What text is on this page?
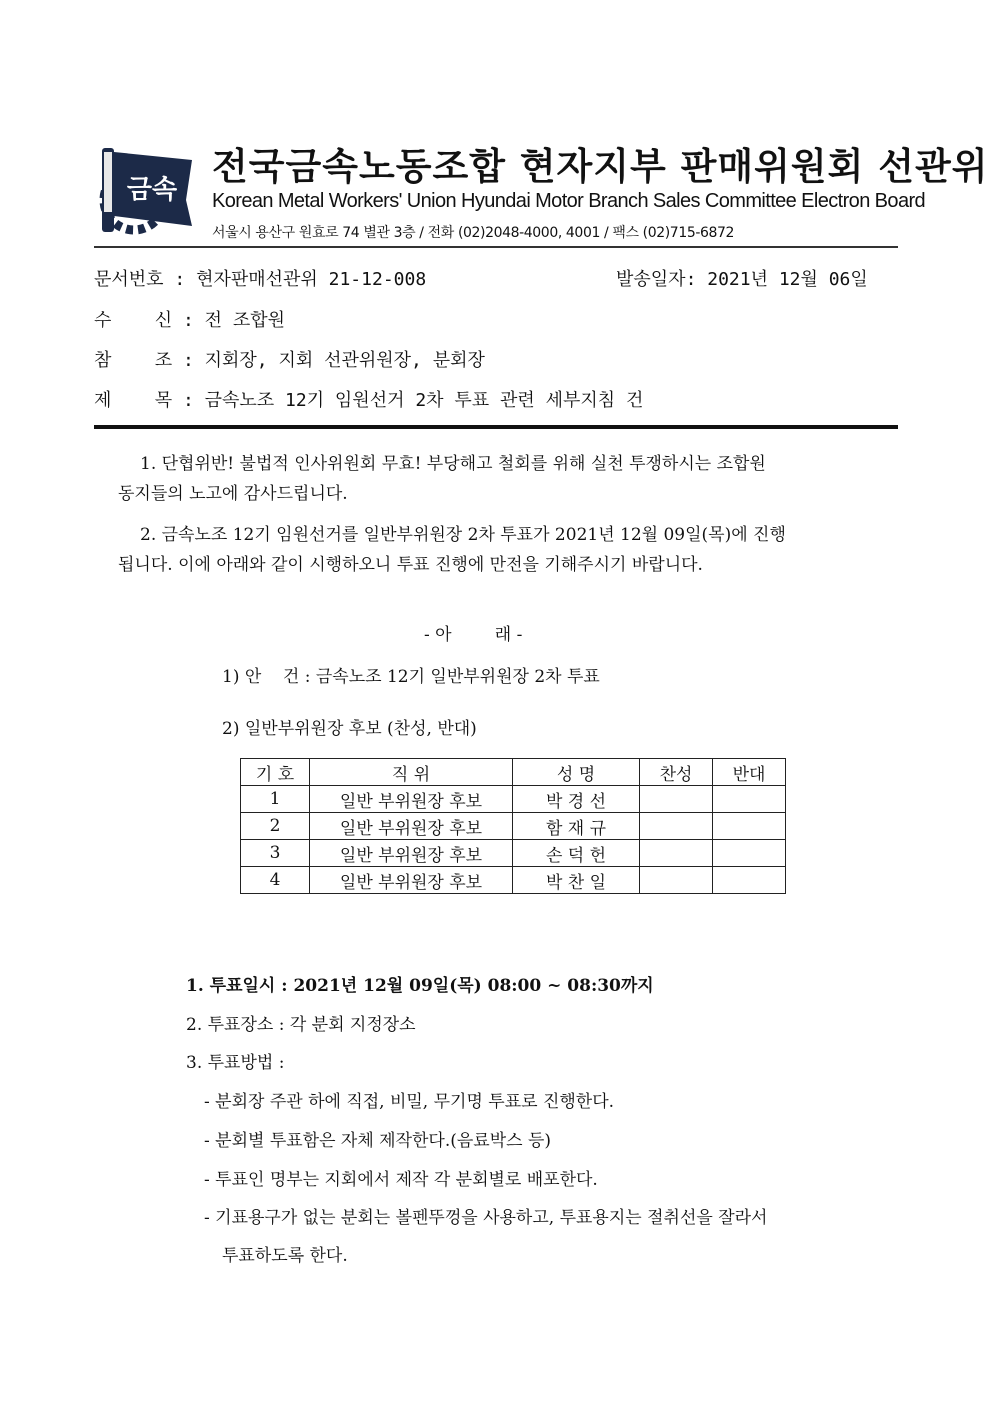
금속
전국금속노동조합 현자지부 판매위원회 선관위
Korean Metal Workers' Union Hyundai Motor Branch Sales Committee Electron Board
서울시 용산구 원효로 74 별관 3층 / 전화 (02)2048-4000, 4001 / 팩스 (02)715-6872
문서번호 : 현자판매선관위 21-12-008	발송일자: 2021년 12월 06일
수    신 : 전 조합원
참    조 : 지회장, 지회 선관위원장, 분회장
제    목 : 금속노조 12기 임원선거 2차 투표 관련 세부지침 건
1. 단협위반! 불법적 인사위원회 무효! 부당해고 철회를 위해 실천 투쟁하시는 조합원
동지들의 노고에 감사드립니다.
2. 금속노조 12기 임원선거를 일반부위원장 2차 투표가 2021년 12월 09일(목)에 진행
됩니다. 이에 아래와 같이 시행하오니 투표 진행에 만전을 기해주시기 바랍니다.
- 아        래 -
1) 안    건 : 금속노조 12기 일반부위원장 2차 투표
2) 일반부위원장 후보 (찬성, 반대)
기 호	직 위	성 명	찬성	반대
1	일반 부위원장 후보	박 경 선		
2	일반 부위원장 후보	함 재 규		
3	일반 부위원장 후보	손 덕 헌		
4	일반 부위원장 후보	박 찬 일		
1. 투표일시 : 2021년 12월 09일(목) 08:00 ~ 08:30까지
2. 투표장소 : 각 분회 지정장소
3. 투표방법 :
- 분회장 주관 하에 직접, 비밀, 무기명 투표로 진행한다.
- 분회별 투표함은 자체 제작한다.(음료박스 등)
- 투표인 명부는 지회에서 제작 각 분회별로 배포한다.
- 기표용구가 없는 분회는 볼펜뚜껑을 사용하고, 투표용지는 절취선을 잘라서
투표하도록 한다.
